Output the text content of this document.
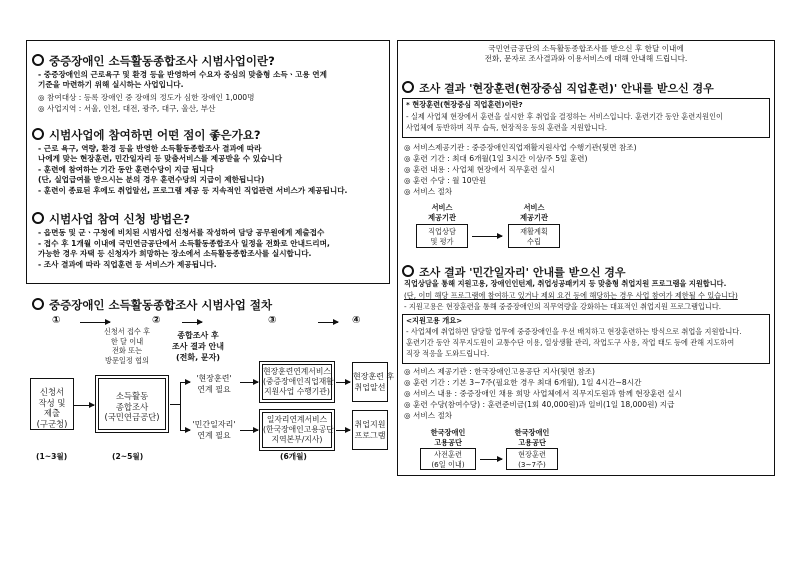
중증장애인 소득활동종합조사 시범사업이란?
- 중증장애인의 근로욕구 및 환경 등을 반영하여 수요자 중심의 맞춤형 소득ㆍ고용 연계
기준을 마련하기 위해 실시하는 사업입니다.
◎ 참여대상 : 등록 장애인 중 장애의 정도가 심한 장애인 1,000명
◎ 사업지역 : 서울, 인천, 대전, 광주, 대구, 울산, 부산
시범사업에 참여하면 어떤 점이 좋은가요?
- 근로 욕구, 역량, 환경 등을 반영한 소득활동종합조사 결과에 따라
나에게 맞는 현장훈련, 민간일자리 등 맞춤서비스를 제공받을 수 있습니다
- 훈련에 참여하는 기간 동안 훈련수당이 지급 됩니다
(단, 실업급여를 받으시는 분의 경우 훈련수당의 지급이 제한됩니다)
- 훈련이 종료된 후에도 취업알선, 프로그램 제공 등 지속적인 직업관련 서비스가 제공됩니다.
시범사업 참여 신청 방법은?
- 읍면동 및 군ㆍ구청에 비치된 시범사업 신청서를 작성하여 담당 공무원에게 제출접수
- 접수 후 1개월 이내에 국민연금공단에서 소득활동종합조사 일정을 전화로 안내드리며,
가능한 경우 자택 등 신청자가 희망하는 장소에서 소득활동종합조사를 실시합니다.
- 조사 결과에 따라 직업훈련 등 서비스가 제공됩니다.
중증장애인 소득활동종합조사 시범사업 절차
①	②	③	④
신청서 접수 후
한 달 이내
전화 또는
방문일정 협의
종합조사 후
조사 결과 안내
(전화, 문자)
신청서
작성 및
제출
(구군청)
소득활동
종합조사
(국민연금공단)
'현장훈련'
연계 필요
'민간일자리'
연계 필요
현장훈련연계서비스
(중증장애인직업재활
지원사업 수행기관)
일자리연계서비스
(한국장애인고용공단
지역본부/지사)
현장훈련 후
취업알선
취업지원
프로그램
(1~3월)	(2~5월)	(6개월)
국민연금공단의 소득활동종합조사를 받으신 후 한달 이내에
전화, 문자로 조사결과와 이용서비스에 대해 안내해 드립니다.
조사 결과 '현장훈련(현장중심 직업훈련)' 안내를 받으신 경우
* 현장훈련(현장중심 직업훈련)이란?
- 실제 사업체 현장에서 훈련을 실시한 후 취업을 결정하는 서비스입니다. 훈련기간 동안 훈련지원인이
사업체에 동반하며 직무 습득, 현장적응 등의 훈련을 지원합니다.
◎ 서비스제공기관 : 중증장애인직업재활지원사업 수행기관(뒷면 참조)
◎ 훈련 기간 : 최대 6개월(1일 3시간 이상/주 5일 훈련)
◎ 훈련 내용 : 사업체 현장에서 직무훈련 실시
◎ 훈련 수당 : 월 10만원
◎ 서비스 절차
서비스
제공기관
서비스
제공기관
직업상담
및 평가
재활계획
수립
조사 결과 '민간일자리' 안내를 받으신 경우
직업상담을 통해 지원고용, 장애인인턴제, 취업성공패키지 등 맞춤형 취업지원 프로그램을 지원합니다.
(단, 이미 해당 프로그램에 참여하고 있거나 제외 요건 등에 해당하는 경우 사업 참여가 제한될 수 있습니다)
- 지원고용은 현장훈련을 통해 중증장애인의 직무역량을 강화하는 대표적인 취업지원 프로그램입니다.
<지원고용 개요>
- 사업체에 취업하면 담당할 업무에 중증장애인을 우선 배치하고 현장훈련하는 방식으로 취업을 지원합니다.
훈련기간 동안 직무지도원이 교통수단 이용, 일상생활 관리, 작업도구 사용, 작업 태도 등에 관해 지도하여
직장 적응을 도와드립니다.
◎ 서비스 제공기관 : 한국장애인고용공단 지사(뒷면 참조)
◎ 훈련 기간 : 기본 3~7주(필요한 경우 최대 6개월), 1일 4시간~8시간
◎ 서비스 내용 : 중증장애인 채용 희망 사업체에서 직무지도원과 함께 현장훈련 실시
◎ 훈련 수당(참여수당) : 훈련준비금(1회 40,000원)과 일비(1일 18,000원) 지급
◎ 서비스 절차
한국장애인
고용공단
한국장애인
고용공단
사전훈련
(6일 이내)
현장훈련
(3~7주)
